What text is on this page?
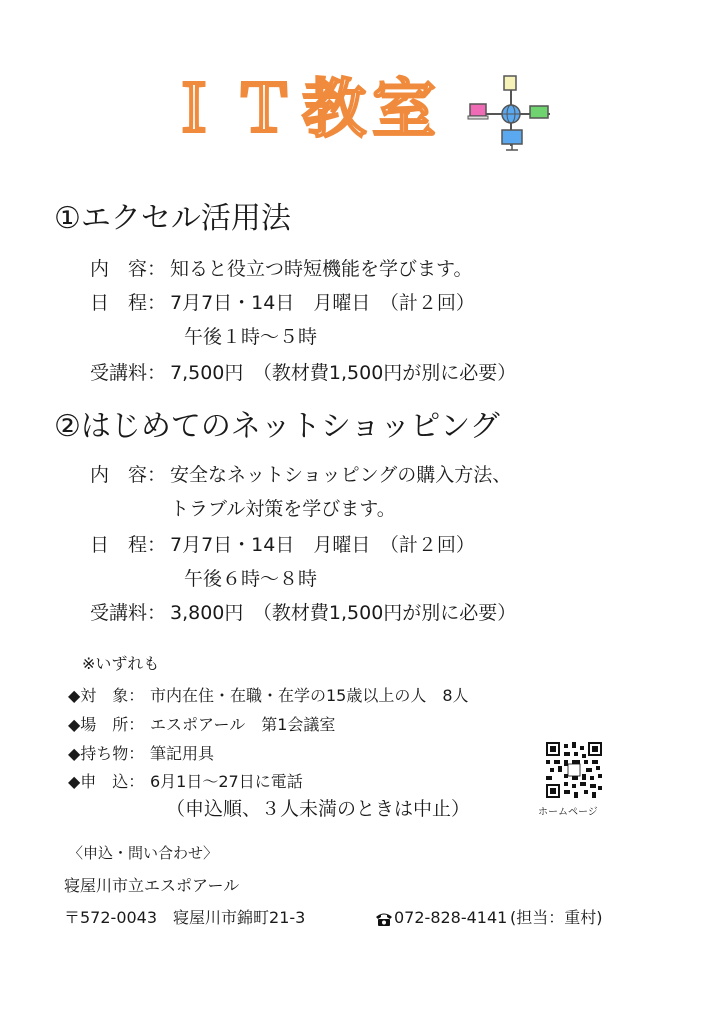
ＩＴ教室
①エクセル活用法
内　容： 知ると役立つ時短機能を学びます。
日　程： 7月7日・14日　月曜日　（計２回）
午後１時～５時
受講料： 7,500円　（教材費1,500円が別に必要）
②はじめてのネットショッピング
内　容： 安全なネットショッピングの購入方法、
トラブル対策を学びます。
日　程： 7月7日・14日　月曜日　（計２回）
午後６時～８時
受講料： 3,800円　（教材費1,500円が別に必要）
※いずれも
◆対　象： 市内在住・在職・在学の15歳以上の人　8人
◆場　所： エスポアール　第1会議室
◆持ち物： 筆記用具
◆申　込： 6月1日～27日に電話
（申込順、３人未満のときは中止）	ホームページ
〈申込・問い合わせ〉
寝屋川市立エスポアール
〒572-0043　寝屋川市錦町21-3	072-828-4141 (担当：重村)
